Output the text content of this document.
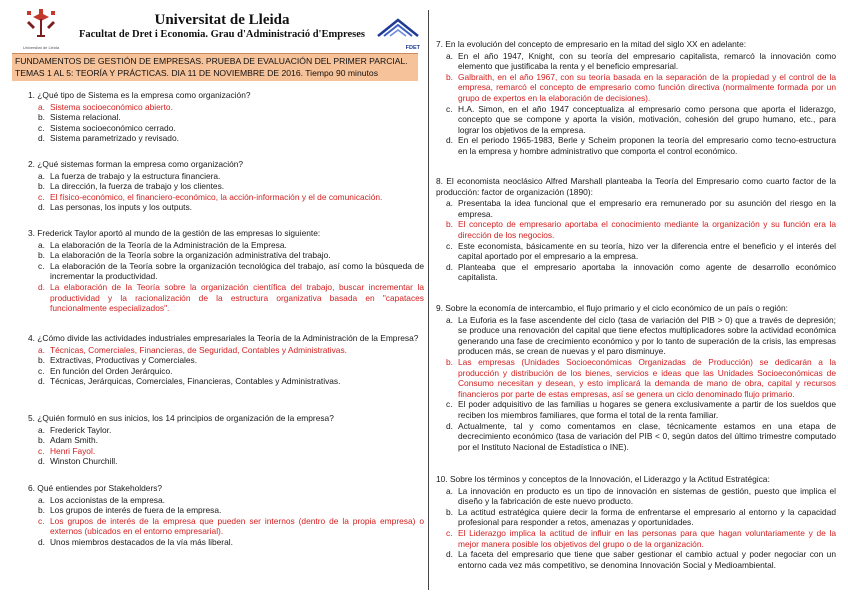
Universitat de Lleida
Universitat de Lleida
Facultat de Dret i Economia. Grau d'Administració d'Empreses
FDET
FUNDAMENTOS DE GESTIÓN DE EMPRESAS. PRUEBA DE EVALUACIÓN DEL PRIMER PARCIAL.
TEMAS 1 AL 5: TEORÍA Y PRÁCTICAS. DIA 11 DE NOVIEMBRE DE 2016. Tiempo 90 minutos
1. ¿Qué tipo de Sistema es la empresa como organización?
a. Sistema socioeconómico abierto.
b. Sistema relacional.
c. Sistema socioeconómico cerrado.
d. Sistema parametrizado y revisado.
2. ¿Qué sistemas forman la empresa como organización?
a. La fuerza de trabajo y la estructura financiera.
b. La dirección, la fuerza de trabajo y los clientes.
c. El físico-económico, el financiero-económico, la acción-información y el de comunicación.
d. Las personas, los inputs y los outputs.
3. Frederick Taylor aportó al mundo de la gestión de las empresas lo siguiente:
a. La elaboración de la Teoría de la Administración de la Empresa.
b. La elaboración de la Teoría sobre la organización administrativa del trabajo.
c. La elaboración de la Teoría sobre la organización tecnológica del trabajo, así como la búsqueda de incrementar la productividad.
d. La elaboración de la Teoría sobre la organización científica del trabajo, buscar incrementar la productividad y la racionalización de la estructura organizativa basada en "capataces funcionalmente especializados".
4. ¿Cómo divide las actividades industriales empresariales la Teoría de la Administración de la Empresa?
a. Técnicas, Comerciales, Financieras, de Seguridad, Contables y Administrativas.
b. Extractivas, Productivas y Comerciales.
c. En función del Orden Jerárquico.
d. Técnicas, Jerárquicas, Comerciales, Financieras, Contables y Administrativas.
5. ¿Quién formuló en sus inicios, los 14 principios de organización de la empresa?
a. Frederick Taylor.
b. Adam Smith.
c. Henri Fayol.
d. Winston Churchill.
6. Qué entiendes por Stakeholders?
a. Los accionistas de la empresa.
b. Los grupos de interés de fuera de la empresa.
c. Los grupos de interés de la empresa que pueden ser internos (dentro de la propia empresa) o externos (ubicados en el entorno empresarial).
d. Unos miembros destacados de la vía más liberal.
7. En la evolución del concepto de empresario en la mitad del siglo XX en adelante:
a. En el año 1947, Knight, con su teoría del empresario capitalista, remarcó la innovación como elemento que justificaba la renta y el beneficio empresarial.
b. Galbraith, en el año 1967, con su teoría basada en la separación de la propiedad y el control de la empresa, remarcó el concepto de empresario como función directiva (normalmente formada por un grupo de expertos en la elaboración de decisiones).
c. H.A. Simon, en el año 1947 conceptualiza al empresario como persona que aporta el liderazgo, concepto que se compone y aporta la visión, motivación, cohesión del grupo humano, etc., para lograr los objetivos de la empresa.
d. En el periodo 1965-1983, Berle y Scheim proponen la teoría del empresario como tecno-estructura en la empresa y hombre administrativo que comporta el control económico.
8. El economista neoclásico Alfred Marshall planteaba la Teoría del Empresario como cuarto factor de la producción: factor de organización (1890):
a. Presentaba la idea funcional que el empresario era remunerado por su asunción del riesgo en la empresa.
b. El concepto de empresario aportaba el conocimiento mediante la organización y su función era la dirección de los negocios.
c. Este economista, básicamente en su teoría, hizo ver la diferencia entre el beneficio y el interés del capital aportado por el empresario a la empresa.
d. Planteaba que el empresario aportaba la innovación como agente de desarrollo económico capitalista.
9. Sobre la economía de intercambio, el flujo primario y el ciclo económico de un país o región:
a. La Euforia es la fase ascendente del ciclo (tasa de variación del PIB > 0) que a través de depresión; se produce una renovación del capital que tiene efectos multiplicadores sobre la actividad económica generando una fase de crecimiento económico y por lo tanto de superación de la crisis, las empresas producen más, se crean de nuevas y el paro disminuye.
b. Las empresas (Unidades Socioeconómicas Organizadas de Producción) se dedicarán a la producción y distribución de los bienes, servicios e ideas que las Unidades Socioeconómicas de Consumo necesitan y desean, y esto implicará la demanda de mano de obra, capital y recursos financieros por parte de estas empresas, así se genera un ciclo denominado flujo primario.
c. El poder adquisitivo de las familias u hogares se genera exclusivamente a partir de los sueldos que reciben los miembros familiares, que forma el total de la renta familiar.
d. Actualmente, tal y como comentamos en clase, técnicamente estamos en una etapa de decrecimiento económico (tasa de variación del PIB < 0, según datos del último trimestre computado por el Instituto Nacional de Estadística o INE).
10. Sobre los términos y conceptos de la Innovación, el Liderazgo y la Actitud Estratégica:
a. La innovación en producto es un tipo de innovación en sistemas de gestión, puesto que implica el diseño y la fabricación de este nuevo producto.
b. La actitud estratégica quiere decir la forma de enfrentarse el empresario al entorno y la capacidad profesional para responder a retos, amenazas y oportunidades.
c. El Liderazgo implica la actitud de influir en las personas para que hagan voluntariamente y de la mejor manera posible los objetivos del grupo o de la organización.
d. La faceta del empresario que tiene que saber gestionar el cambio actual y poder negociar con un entorno cada vez más competitivo, se denomina Innovación Social y Medioambiental.
